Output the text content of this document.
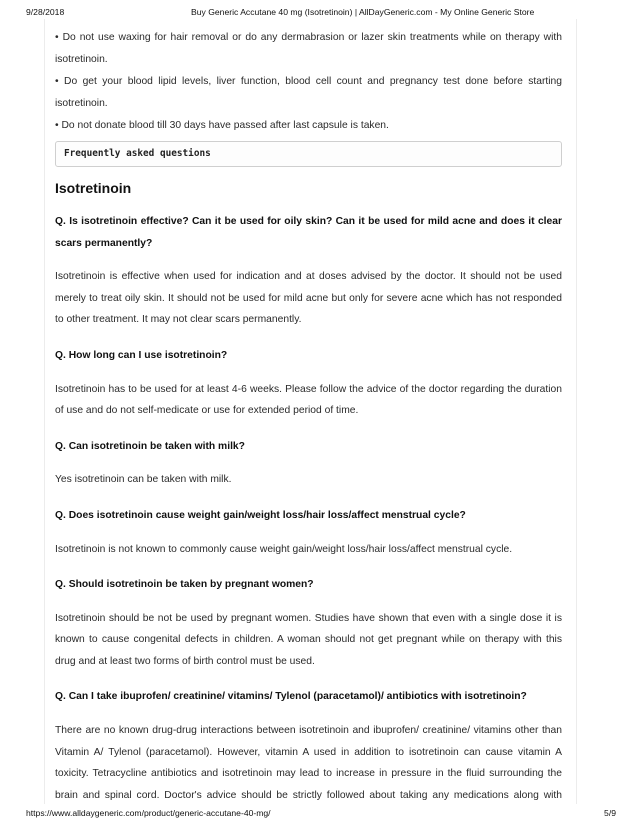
9/28/2018	Buy Generic Accutane 40 mg (Isotretinoin) | AllDayGeneric.com - My Online Generic Store

• Do not use waxing for hair removal or do any dermabrasion or lazer skin treatments while on therapy with isotretinoin.

• Do get your blood lipid levels, liver function, blood cell count and pregnancy test done before starting isotretinoin.

• Do not donate blood till 30 days have passed after last capsule is taken.

Frequently asked questions
Isotretinoin

Q. Is isotretinoin effective? Can it be used for oily skin? Can it be used for mild acne and does it clear scars permanently?

Isotretinoin is effective when used for indication and at doses advised by the doctor. It should not be used merely to treat oily skin. It should not be used for mild acne but only for severe acne which has not responded to other treatment. It may not clear scars permanently.

Q. How long can I use isotretinoin?

Isotretinoin has to be used for at least 4-6 weeks. Please follow the advice of the doctor regarding the duration of use and do not self-medicate or use for extended period of time.

Q. Can isotretinoin be taken with milk?

Yes isotretinoin can be taken with milk.

Q. Does isotretinoin cause weight gain/weight loss/hair loss/affect menstrual cycle?

Isotretinoin is not known to commonly cause weight gain/weight loss/hair loss/affect menstrual cycle.

Q. Should isotretinoin be taken by pregnant women?

Isotretinoin should be not be used by pregnant women. Studies have shown that even with a single dose it is known to cause congenital defects in children. A woman should not get pregnant while on therapy with this drug and at least two forms of birth control must be used.

Q. Can I take ibuprofen/ creatinine/ vitamins/ Tylenol (paracetamol)/ antibiotics with isotretinoin?

There are no known drug-drug interactions between isotretinoin and ibuprofen/ creatinine/ vitamins other than Vitamin A/ Tylenol (paracetamol). However, vitamin A used in addition to isotretinoin can cause vitamin A toxicity. Tetracycline antibiotics and isotretinoin may lead to increase in pressure in the fluid surrounding the brain and spinal cord. Doctor's advice should be strictly followed about taking any medications along with

https://www.alldaygeneric.com/product/generic-accutane-40-mg/	5/9
